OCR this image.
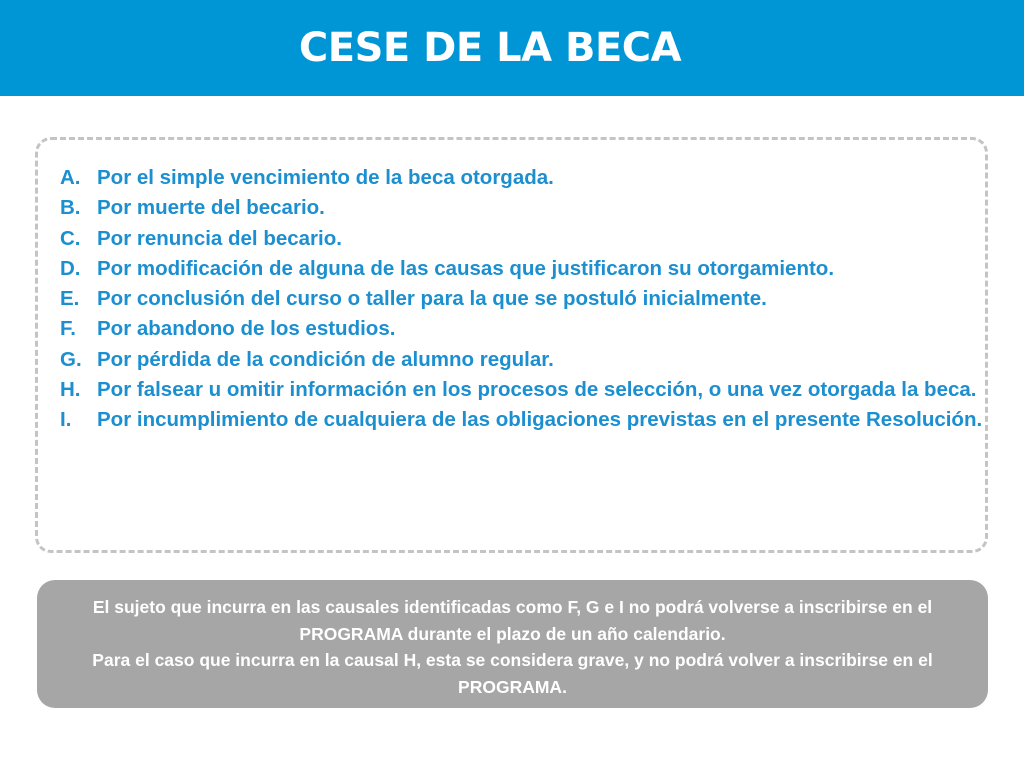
CESE DE LA BECA
A. Por el simple vencimiento de la beca otorgada.
B. Por muerte del becario.
C. Por renuncia del becario.
D. Por modificación de alguna de las causas que justificaron su otorgamiento.
E. Por conclusión del curso o taller para la que se postuló inicialmente.
F.	Por abandono de los estudios.
G. Por pérdida de la condición de alumno regular.
H. Por falsear u omitir información en los procesos de selección, o una vez otorgada la beca.
I.	Por incumplimiento de cualquiera de las obligaciones previstas en el presente Resolución.
El sujeto que incurra en las causales identificadas como F, G e I no podrá volverse a inscribirse en el PROGRAMA durante el plazo de un año calendario.
Para el caso que incurra en la causal H, esta se considera grave, y no podrá volver a inscribirse en el PROGRAMA.
